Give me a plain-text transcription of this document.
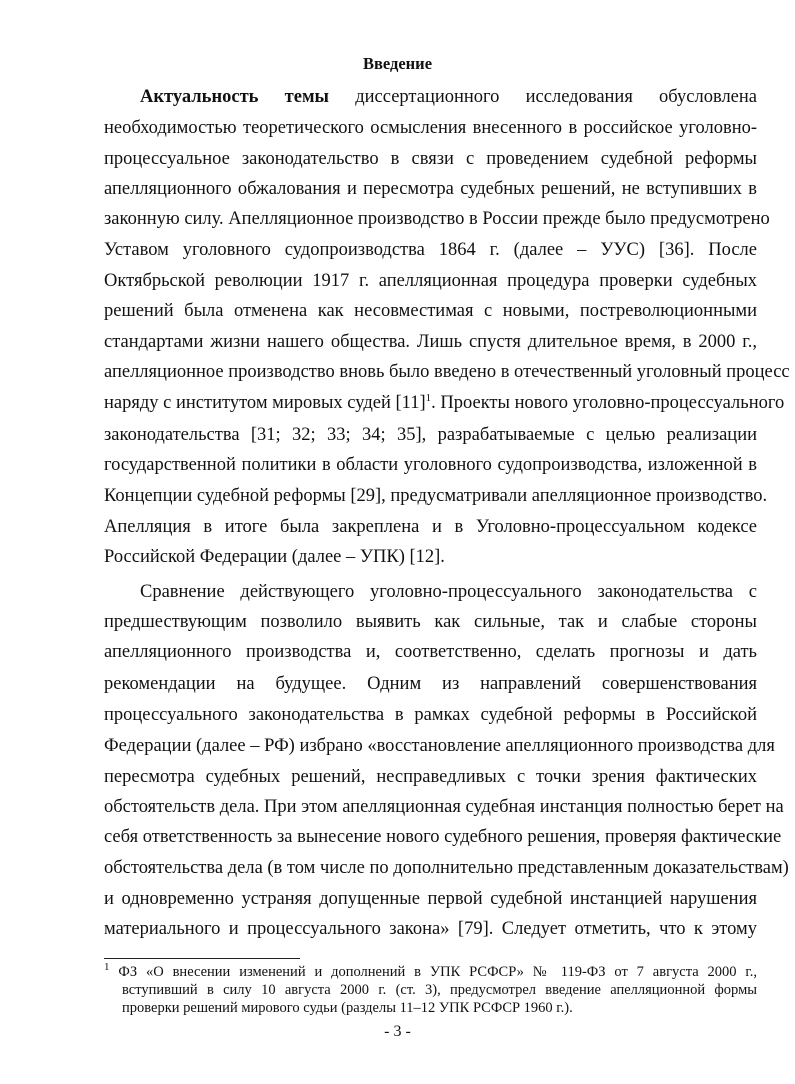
Введение
Актуальность темы диссертационного исследования обусловлена
необходимостью теоретического осмысления внесенного в российское уголовно-
процессуальное законодательство в связи с проведением судебной реформы
апелляционного обжалования и пересмотра судебных решений, не вступивших в
законную силу. Апелляционное производство в России прежде было предусмотрено
Уставом уголовного судопроизводства 1864 г. (далее – УУС) [36]. После
Октябрьской революции 1917 г. апелляционная процедура проверки судебных
решений была отменена как несовместимая с новыми, постреволюционными
стандартами жизни нашего общества. Лишь спустя длительное время, в 2000 г.,
апелляционное производство вновь было введено в отечественный уголовный процесс
наряду с институтом мировых судей $[11]^1$. Проекты нового уголовно-процессуального
законодательства [31; 32; 33; 34; 35], разрабатываемые с целью реализации
государственной политики в области уголовного судопроизводства, изложенной в
Концепции судебной реформы [29], предусматривали апелляционное производство.
Апелляция в итоге была закреплена и в Уголовно-процессуальном кодексе
Российской Федерации (далее – УПК) [12].
Сравнение действующего уголовно-процессуального законодательства с
предшествующим позволило выявить как сильные, так и слабые стороны
апелляционного производства и, соответственно, сделать прогнозы и дать
рекомендации на будущее. Одним из направлений совершенствования
процессуального законодательства в рамках судебной реформы в Российской
Федерации (далее – РФ) избрано «восстановление апелляционного производства для
пересмотра судебных решений, несправедливых с точки зрения фактических
обстоятельств дела. При этом апелляционная судебная инстанция полностью берет на
себя ответственность за вынесение нового судебного решения, проверяя фактические
обстоятельства дела (в том числе по дополнительно представленным доказательствам)
и одновременно устраняя допущенные первой судебной инстанцией нарушения
материального и процессуального закона» [79]. Следует отметить, что к этому
$^1$ ФЗ «О внесении изменений и дополнений в УПК РСФСР» № 119-ФЗ от 7 августа 2000 г.,
вступивший в силу 10 августа 2000 г. (ст. 3), предусмотрел введение апелляционной формы
проверки решений мирового судьи (разделы 11–12 УПК РСФСР 1960 г.).
- 3 -
